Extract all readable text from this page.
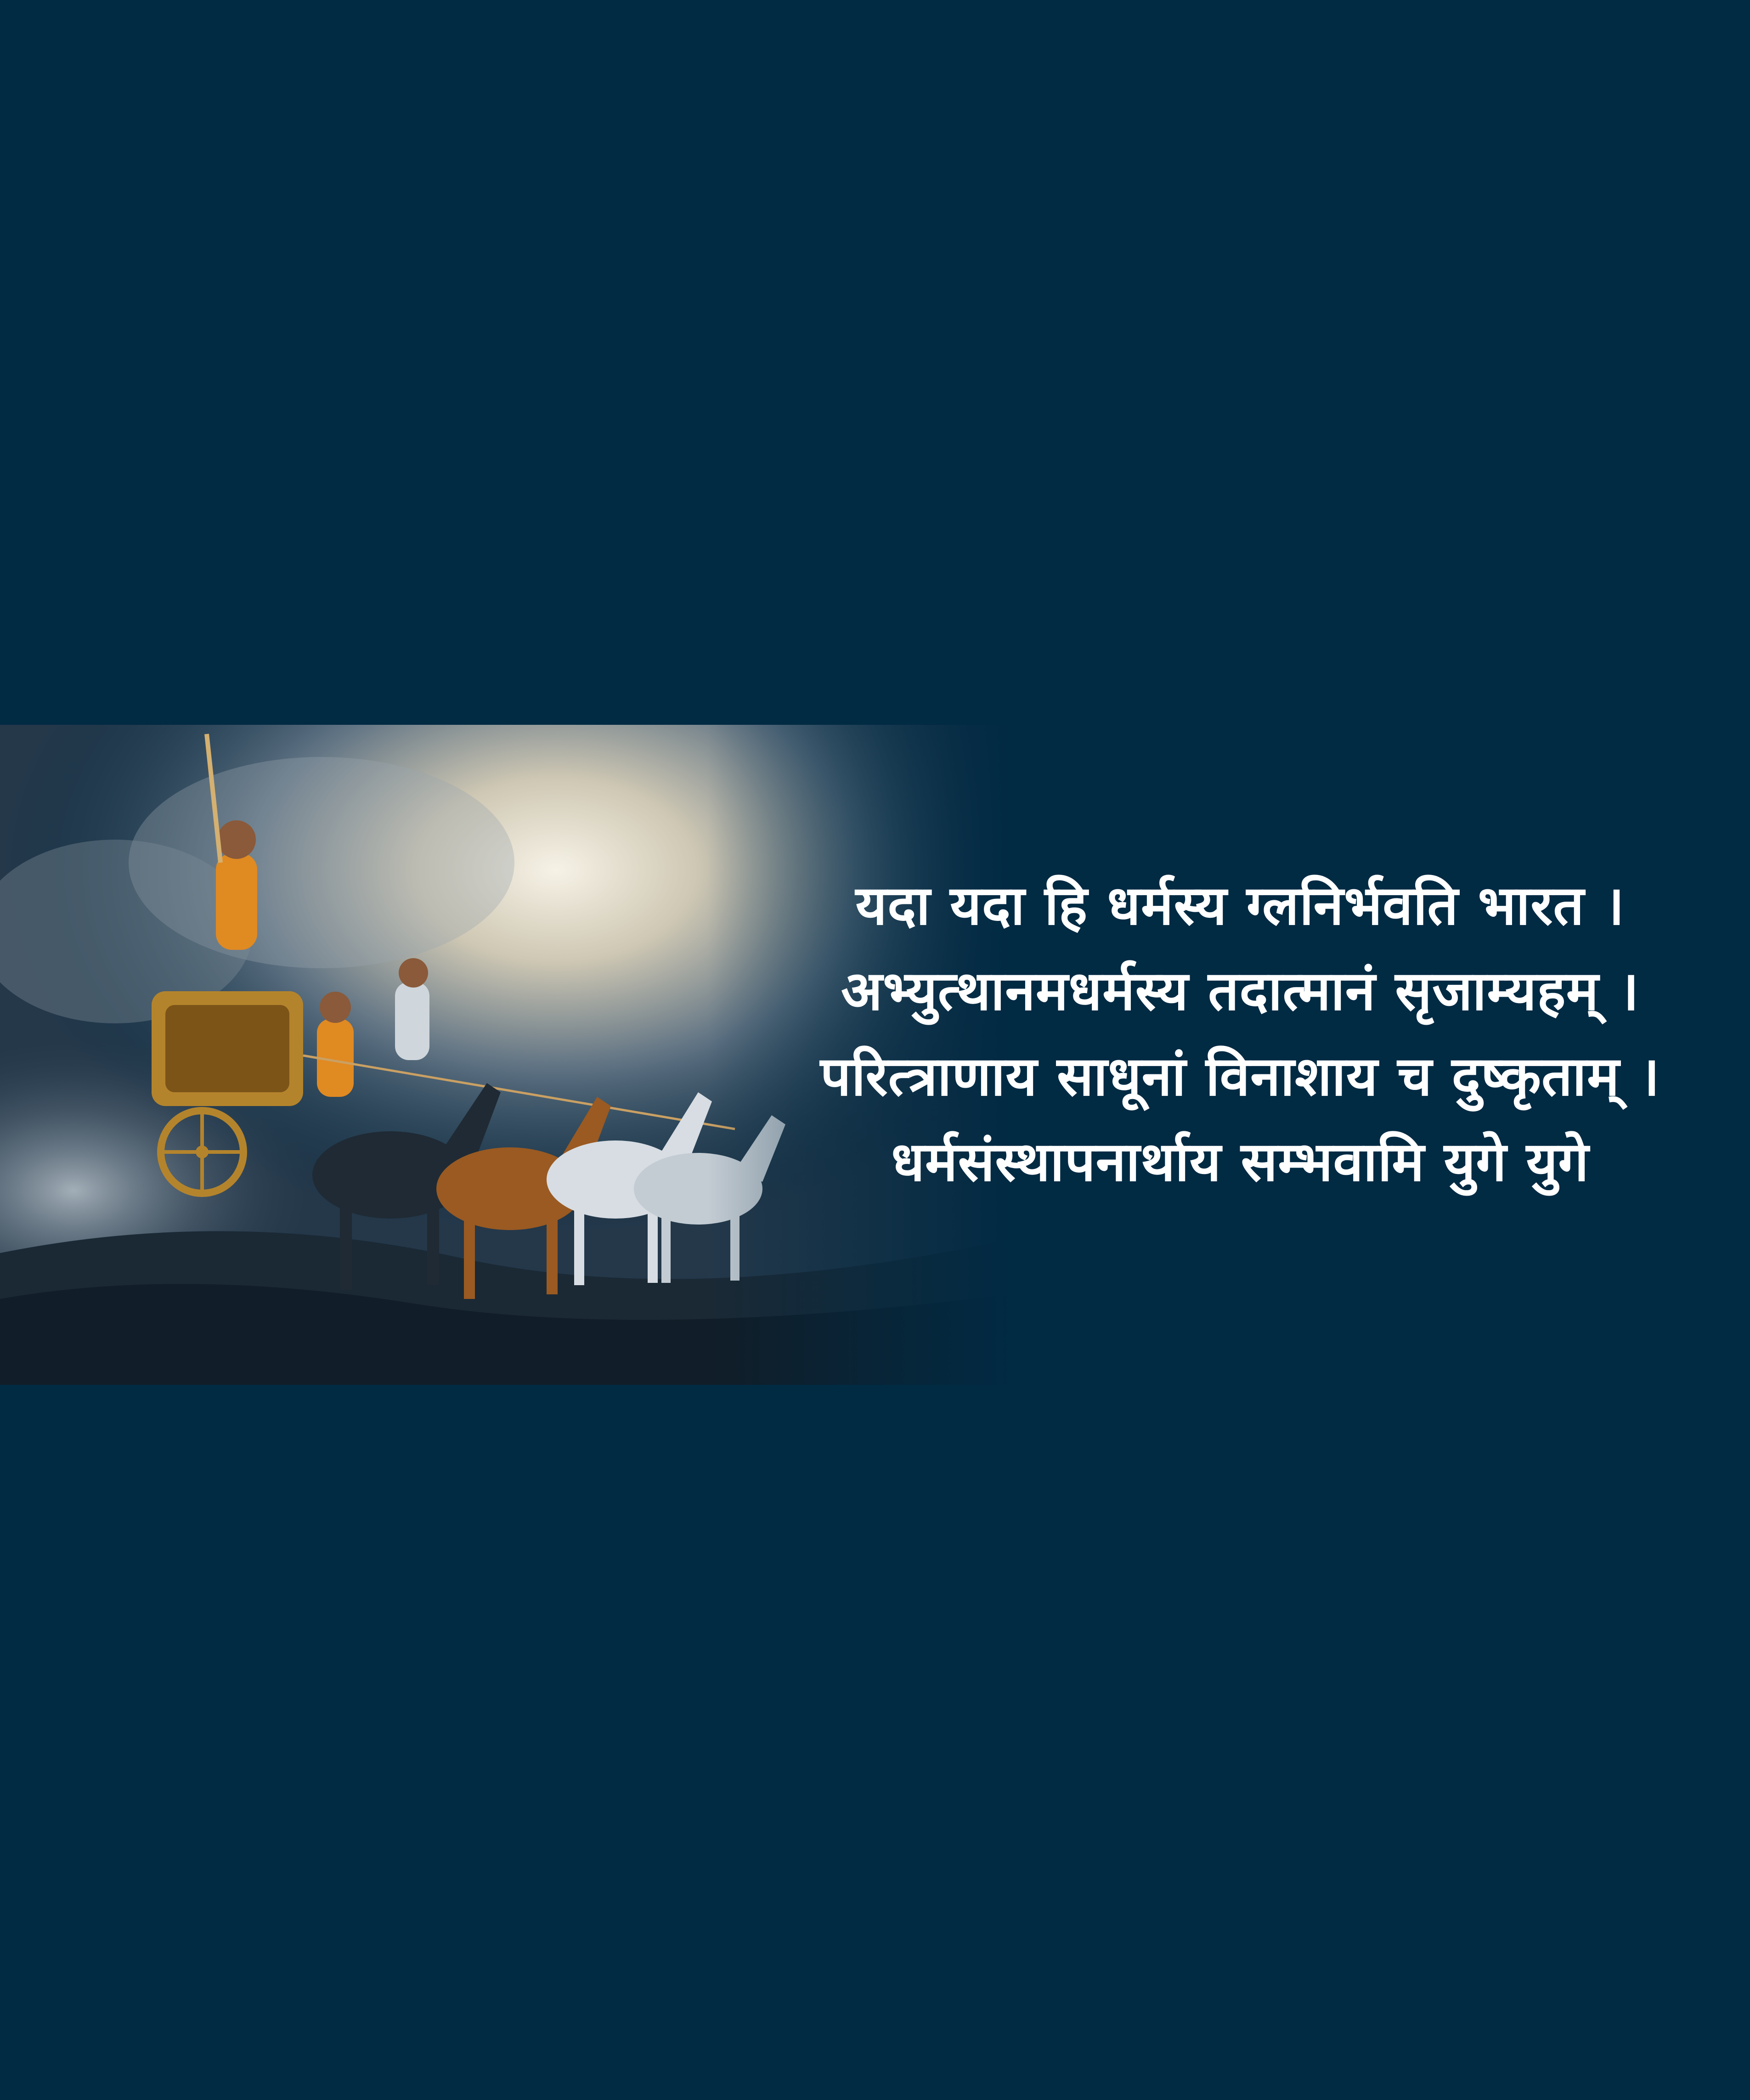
यदा यदा हि धर्मस्य ग्लनिर्भवति भारत ।
अभ्युत्थानमधर्मस्य तदात्मानं सृजाम्यहम् ।
परित्त्राणाय साधूनां विनाशाय च दुष्कृताम् ।
धर्मसंस्थापनार्थाय सम्भवामि युगे युगे
